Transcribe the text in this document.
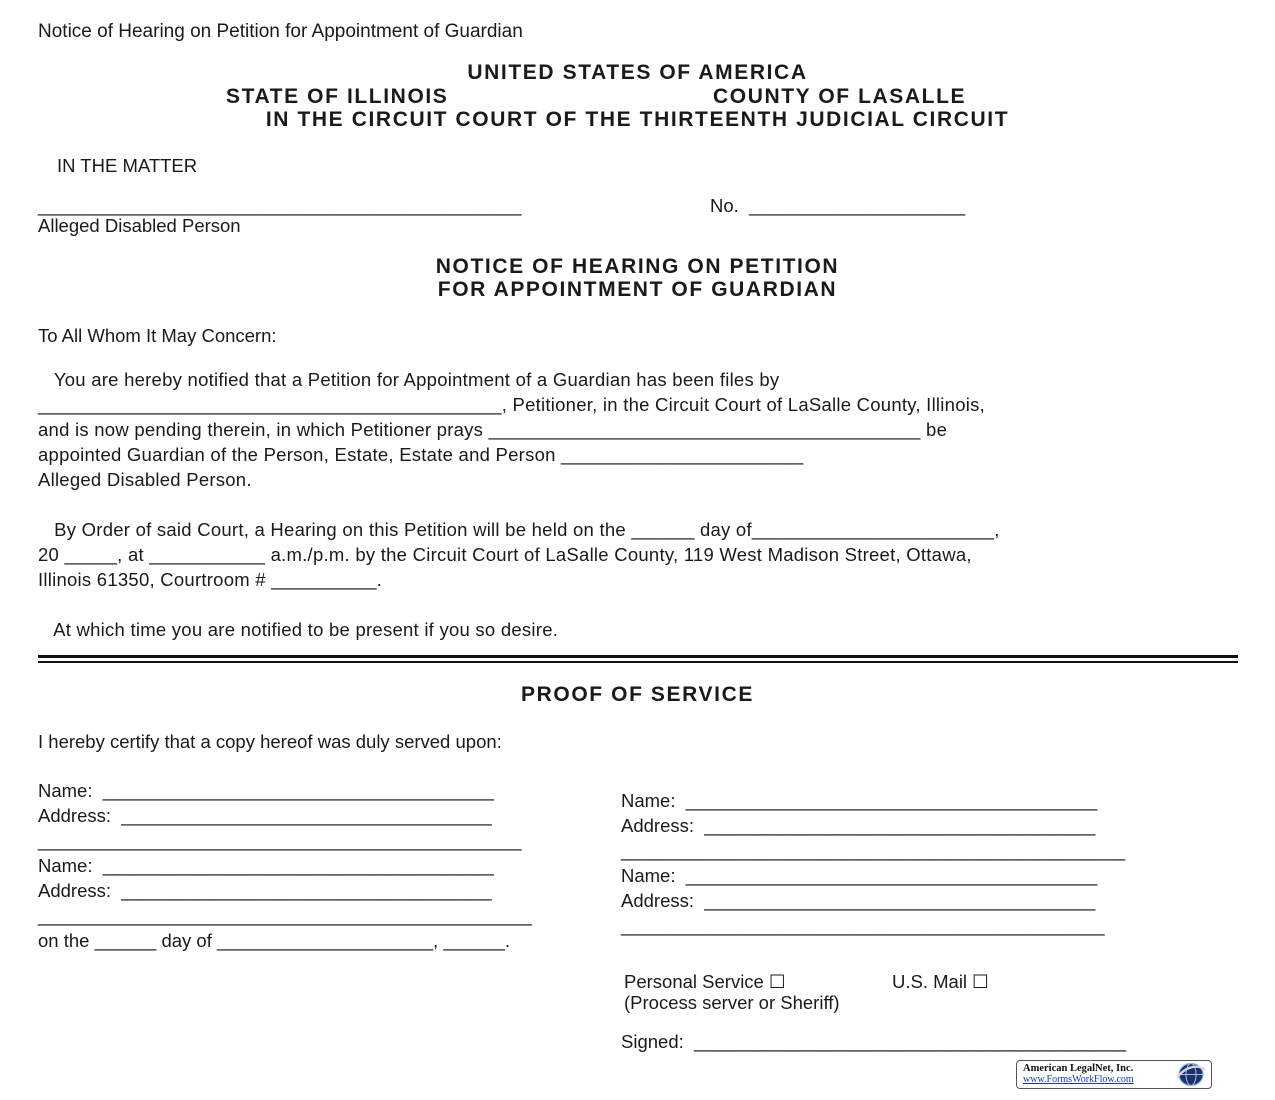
Notice of Hearing on Petition for Appointment of Guardian

UNITED STATES OF AMERICA

STATE OF ILLINOIS	COUNTY OF LASALLE

IN THE CIRCUIT COURT OF THE THIRTEENTH JUDICIAL CIRCUIT

IN THE MATTER

_______________________________________________	No.  _____________________

Alleged Disabled Person

NOTICE OF HEARING ON PETITION

FOR APPOINTMENT OF GUARDIAN

To All Whom It May Concern:

You are hereby notified that a Petition for Appointment of a Guardian has been files by

____________________________________________, Petitioner, in the Circuit Court of LaSalle County, Illinois,

and is now pending therein, in which Petitioner prays _________________________________________ be

appointed Guardian of the Person, Estate, Estate and Person _______________________

Alleged Disabled Person.

By Order of said Court, a Hearing on this Petition will be held on the ______ day of_______________________,

20 _____, at ___________ a.m./p.m. by the Circuit Court of LaSalle County, 119 West Madison Street, Ottawa,

Illinois 61350, Courtroom # __________.

At which time you are notified to be present if you so desire.

PROOF OF SERVICE

I hereby certify that a copy hereof was duly served upon:

Name:  ______________________________________

Address:  ____________________________________

_______________________________________________

Name:  ______________________________________

Address:  ____________________________________

________________________________________________

on the ______ day of _____________________, ______.

Name:  ________________________________________

Address:  ______________________________________

_________________________________________________

Name:  ________________________________________

Address:  ______________________________________

_______________________________________________

Personal Service ☐	U.S. Mail ☐

(Process server or Sheriff)

Signed:  __________________________________________

American LegalNet, Inc.
www.FormsWorkFlow.com
